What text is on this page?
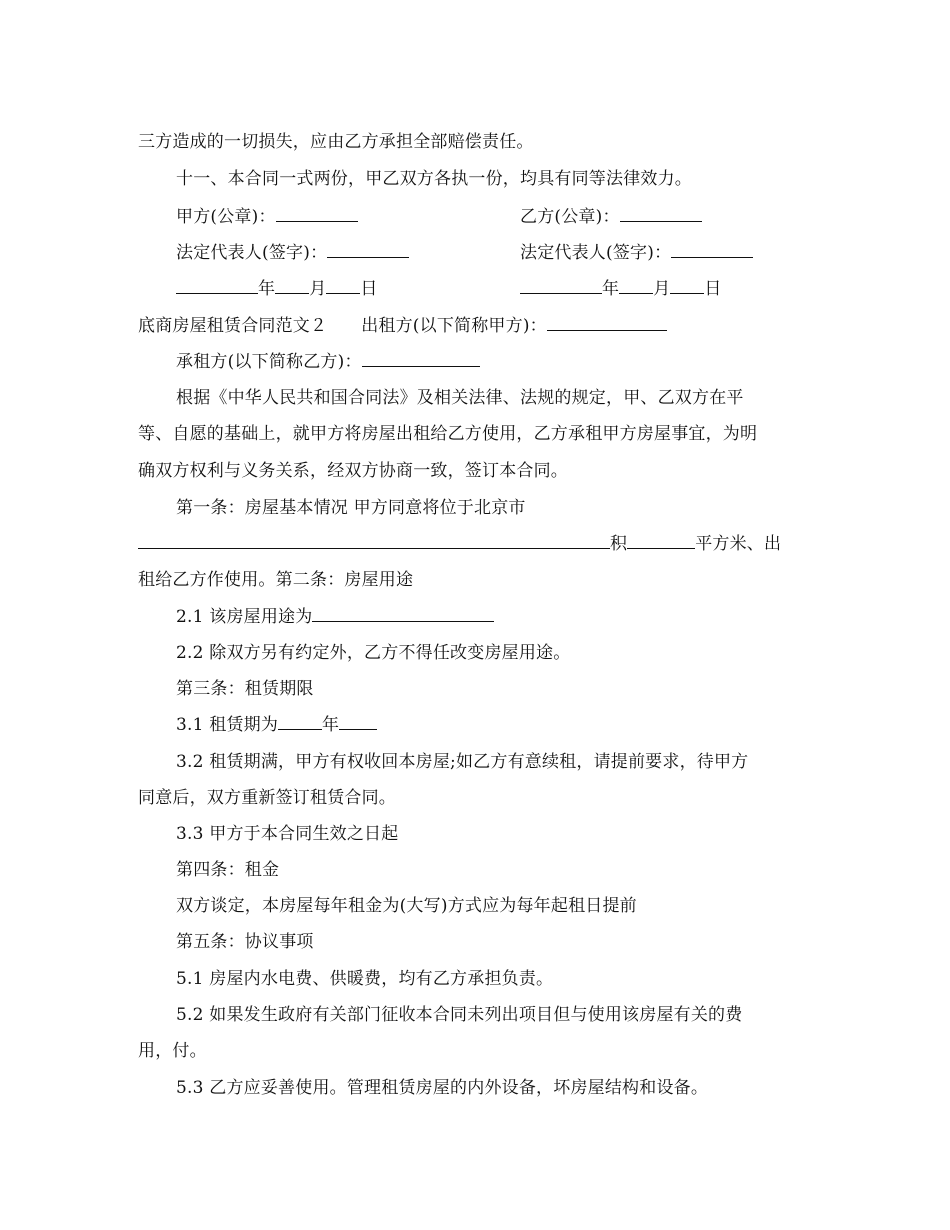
三方造成的一切损失，应由乙方承担全部赔偿责任。
十一、本合同一式两份，甲乙双方各执一份，均具有同等法律效力。
甲方(公章)：	乙方(公章)：
法定代表人(签字)：	法定代表人(签字)：
年 月 日	年 月 日
底商房屋租赁合同范文２ 出租方(以下简称甲方)：
承租方(以下简称乙方)：
根据《中华人民共和国合同法》及相关法律、法规的规定，甲、乙双方在平
等、自愿的基础上，就甲方将房屋出租给乙方使用，乙方承租甲方房屋事宜，为明
确双方权利与义务关系，经双方协商一致，签订本合同。
第一条：房屋基本情况 甲方同意将位于北京市
积	平方米、出
租给乙方作使用。第二条：房屋用途
2.1 该房屋用途为
2.2 除双方另有约定外，乙方不得任改变房屋用途。
第三条：租赁期限
3.1 租赁期为	年
3.2 租赁期满，甲方有权收回本房屋;如乙方有意续租，请提前要求，待甲方
同意后，双方重新签订租赁合同。
3.3 甲方于本合同生效之日起
第四条：租金
双方谈定，本房屋每年租金为(大写)方式应为每年起租日提前
第五条：协议事项
5.1 房屋内水电费、供暖费，均有乙方承担负责。
5.2 如果发生政府有关部门征收本合同未列出项目但与使用该房屋有关的费
用，付。
5.3 乙方应妥善使用。管理租赁房屋的内外设备，坏房屋结构和设备。
